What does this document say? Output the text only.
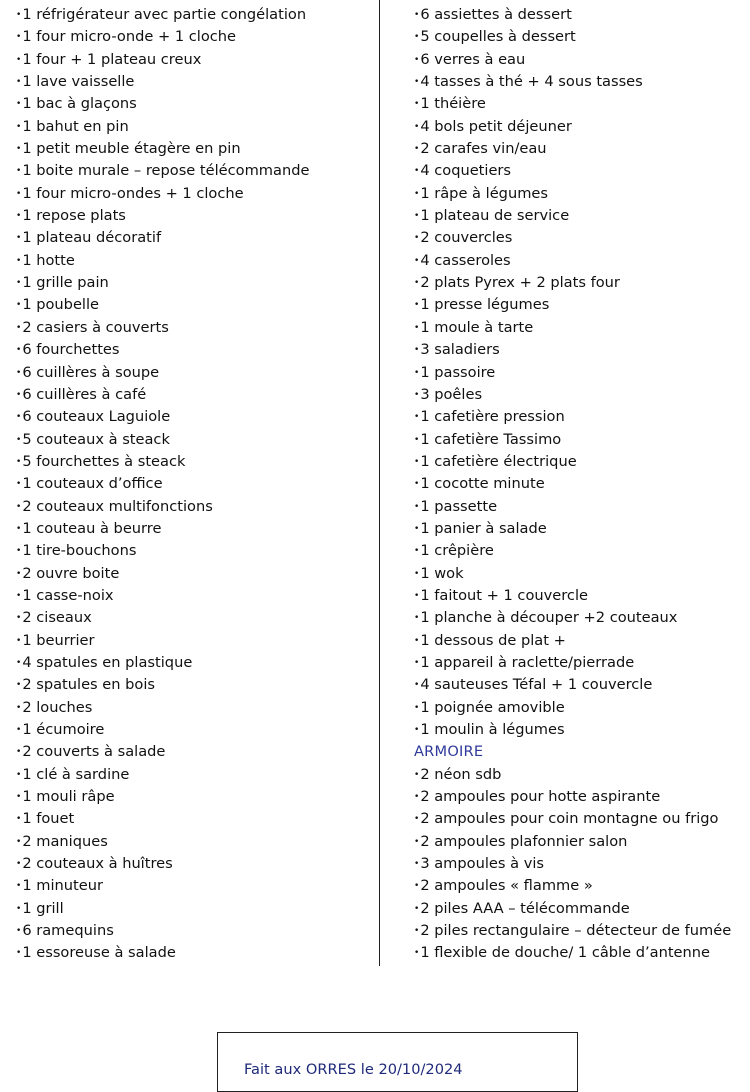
•1 réfrigérateur avec partie congélation
•1 four micro-onde + 1 cloche
•1 four + 1 plateau creux
•1 lave vaisselle
•1 bac à glaçons
•1 bahut en pin
•1 petit meuble étagère en pin
•1 boite murale – repose télécommande
•1 four micro-ondes + 1 cloche
•1 repose plats
•1 plateau décoratif
•1 hotte
•1 grille pain
•1 poubelle
•2 casiers à couverts
•6 fourchettes
•6 cuillères à soupe
•6 cuillères à café
•6 couteaux Laguiole
•5 couteaux à steack
•5 fourchettes à steack
•1 couteaux d’office
•2 couteaux multifonctions
•1 couteau à beurre
•1 tire-bouchons
•2 ouvre boite
•1 casse-noix
•2 ciseaux
•1 beurrier
•4 spatules en plastique
•2 spatules en bois
•2 louches
•1 écumoire
•2 couverts à salade
•1 clé à sardine
•1 mouli râpe
•1 fouet
•2 maniques
•2 couteaux à huîtres
•1 minuteur
•1 grill
•6 ramequins
•1 essoreuse à salade
•6 assiettes à dessert
•5 coupelles à dessert
•6 verres à eau
•4 tasses à thé + 4 sous tasses
•1 théière
•4 bols petit déjeuner
•2 carafes vin/eau
•4 coquetiers
•1 râpe à légumes
•1 plateau de service
•2 couvercles
•4 casseroles
•2 plats Pyrex + 2 plats four
•1 presse légumes
•1 moule à tarte
•3 saladiers
•1 passoire
•3 poêles
•1 cafetière pression
•1 cafetière Tassimo
•1 cafetière électrique
•1 cocotte minute
•1 passette
•1 panier à salade
•1 crêpière
•1 wok
•1 faitout + 1 couvercle
•1 planche à découper +2 couteaux
•1 dessous de plat +
•1 appareil à raclette/pierrade
•4 sauteuses Téfal + 1 couvercle
•1 poignée amovible
•1 moulin à légumes
ARMOIRE
•2 néon sdb
•2 ampoules pour hotte aspirante
•2 ampoules pour coin montagne ou frigo
•2 ampoules plafonnier salon
•3 ampoules à vis
•2 ampoules « flamme »
•2 piles AAA – télécommande
•2 piles rectangulaire – détecteur de fumée
•1 flexible de douche/ 1 câble d’antenne
Fait aux ORRES le 20/10/2024
